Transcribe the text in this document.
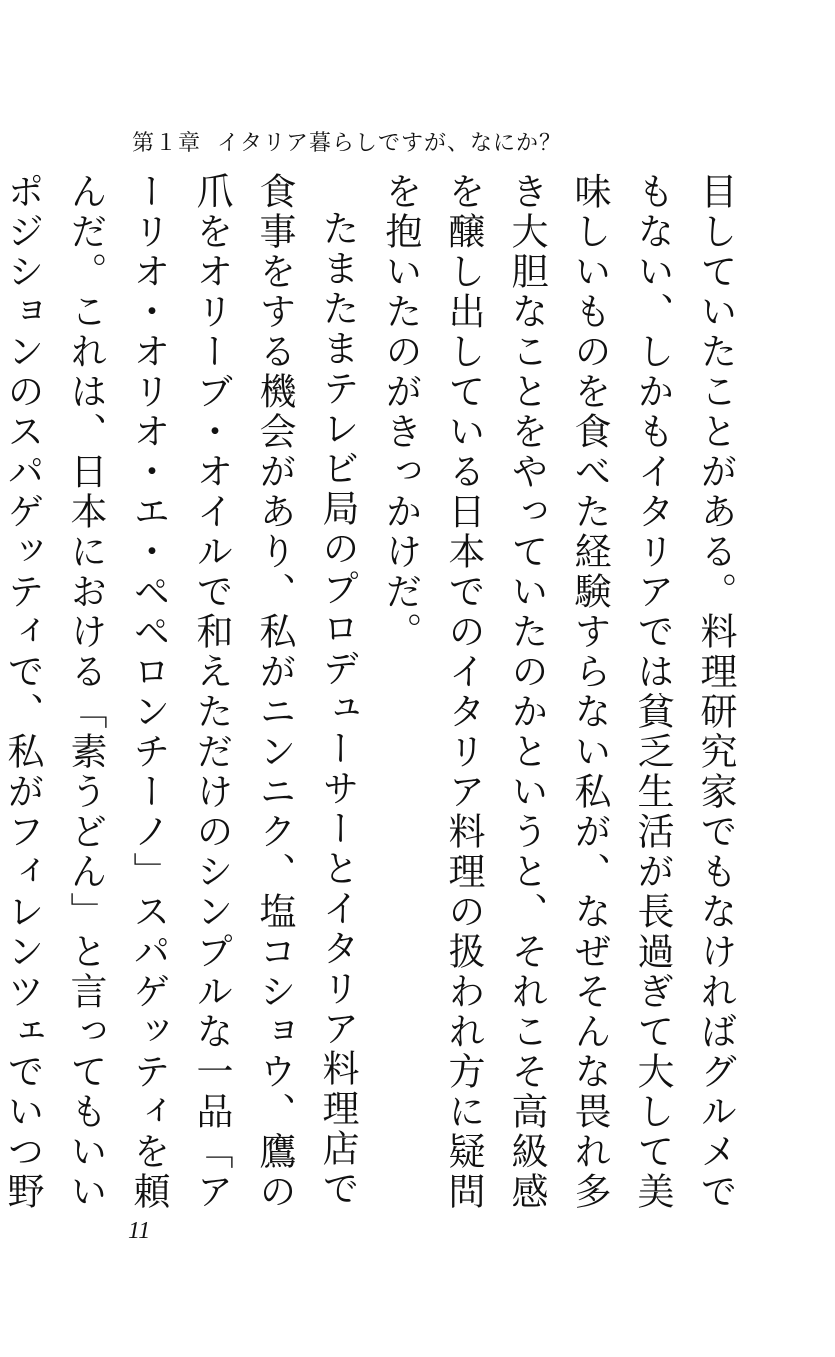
第１章 イタリア暮らしですが、なにか？

目していたことがある。料理研究家でもなければグルメでもない、しかもイタリアでは貧乏生活が長過ぎて大して美味しいものを食べた経験すらない私が、なぜそんな畏れ多き大胆なことをやっていたのかというと、それこそ高級感を醸し出している日本でのイタリア料理の扱われ方に疑問を抱いたのがきっかけだ。

たまたまテレビ局のプロデューサーとイタリア料理店で食事をする機会があり、私がニンニク、塩コショウ、鷹の爪をオリーブ・オイルで和えただけのシンプルな一品「アーリオ・オリオ・エ・ペペロンチーノ」スパゲッティを頼んだ。これは、日本における「素うどん」と言ってもいいポジションのスパゲッティで、私がフィレンツェでいつ野

11
